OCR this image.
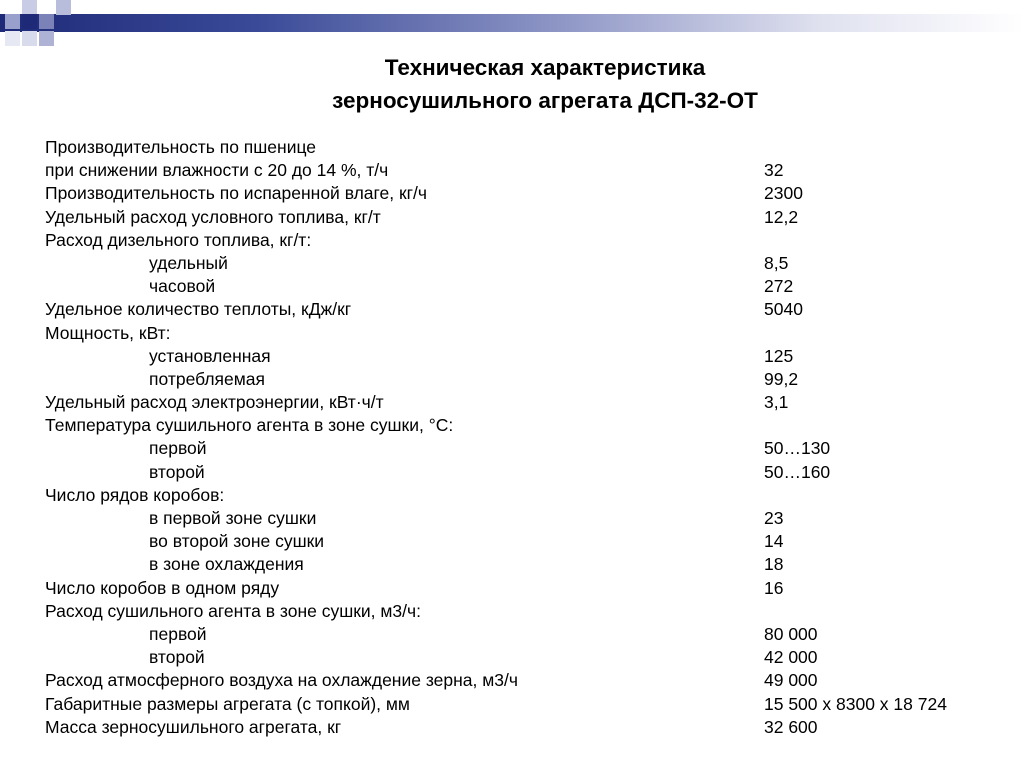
Техническая характеристика
зерносушильного агрегата ДСП-32-ОТ
Производительность по пшенице
при снижении влажности с 20 до 14 %, т/ч	32
Производительность по испаренной влаге, кг/ч	2300
Удельный расход условного топлива, кг/т	12,2
Расход дизельного топлива, кг/т:
удельный	8,5
часовой	272
Удельное количество теплоты, кДж/кг	5040
Мощность, кВт:
установленная	125
потребляемая	99,2
Удельный расход электроэнергии, кВт·ч/т	3,1
Температура сушильного агента в зоне сушки, °С:
первой	50…130
второй	50…160
Число рядов коробов:
в первой зоне сушки	23
во второй зоне сушки	14
в зоне охлаждения	18
Число коробов в одном ряду	16
Расход сушильного агента в зоне сушки, м3/ч:
первой	80 000
второй	42 000
Расход атмосферного воздуха на охлаждение зерна, м3/ч	49 000
Габаритные размеры агрегата (с топкой), мм	15 500 х 8300 х 18 724
Масса зерносушильного агрегата, кг	32 600
